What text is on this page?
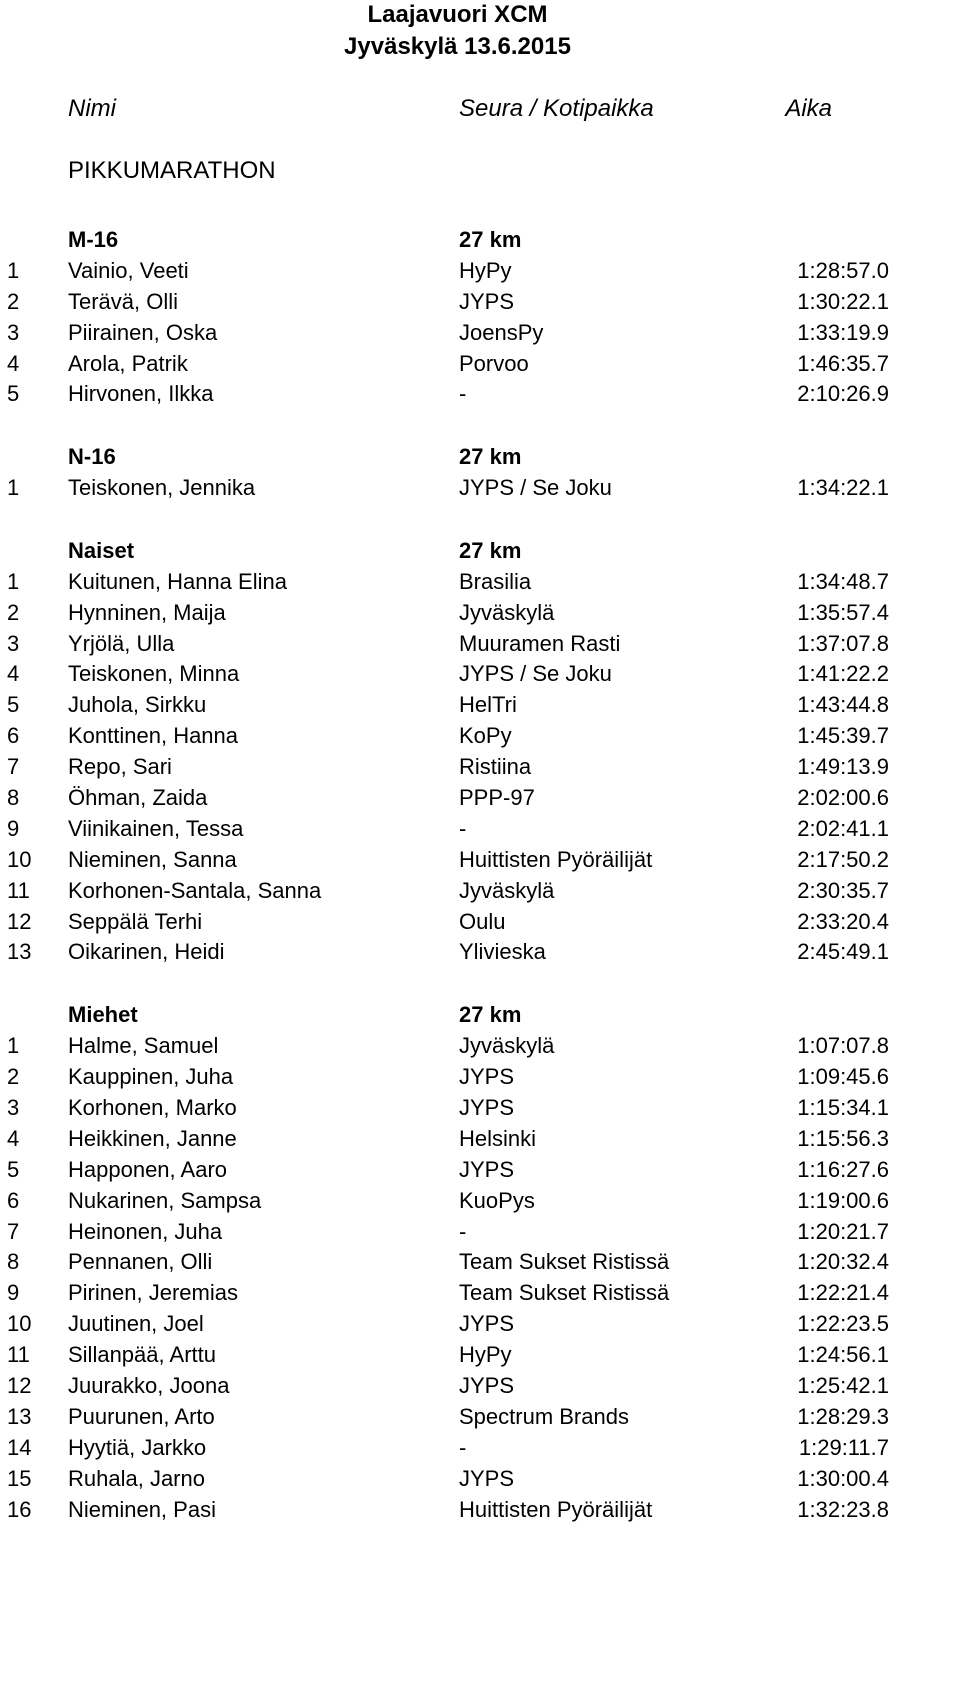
Laajavuori XCM
Jyväskylä 13.6.2015
Nimi	Seura / Kotipaikka	Aika
PIKKUMARATHON
M-16	27 km
1 Vainio, Veeti	HyPy	1:28:57.0
2 Terävä, Olli	JYPS	1:30:22.1
3 Piirainen, Oska	JoensPy	1:33:19.9
4 Arola, Patrik	Porvoo	1:46:35.7
5 Hirvonen, Ilkka	-	2:10:26.9
N-16	27 km
1 Teiskonen, Jennika	JYPS / Se Joku	1:34:22.1
Naiset	27 km
1 Kuitunen, Hanna Elina	Brasilia	1:34:48.7
2 Hynninen, Maija	Jyväskylä	1:35:57.4
3 Yrjölä, Ulla	Muuramen Rasti	1:37:07.8
4 Teiskonen, Minna	JYPS / Se Joku	1:41:22.2
5 Juhola, Sirkku	HelTri	1:43:44.8
6 Konttinen, Hanna	KoPy	1:45:39.7
7 Repo, Sari	Ristiina	1:49:13.9
8 Öhman, Zaida	PPP-97	2:02:00.6
9 Viinikainen, Tessa	-	2:02:41.1
10 Nieminen, Sanna	Huittisten Pyöräilijät	2:17:50.2
11 Korhonen-Santala, Sanna	Jyväskylä	2:30:35.7
12 Seppälä Terhi	Oulu	2:33:20.4
13 Oikarinen, Heidi	Ylivieska	2:45:49.1
Miehet	27 km
1 Halme, Samuel	Jyväskylä	1:07:07.8
2 Kauppinen, Juha	JYPS	1:09:45.6
3 Korhonen, Marko	JYPS	1:15:34.1
4 Heikkinen, Janne	Helsinki	1:15:56.3
5 Happonen, Aaro	JYPS	1:16:27.6
6 Nukarinen, Sampsa	KuoPys	1:19:00.6
7 Heinonen, Juha	-	1:20:21.7
8 Pennanen, Olli	Team Sukset Ristissä	1:20:32.4
9 Pirinen, Jeremias	Team Sukset Ristissä	1:22:21.4
10 Juutinen, Joel	JYPS	1:22:23.5
11 Sillanpää, Arttu	HyPy	1:24:56.1
12 Juurakko, Joona	JYPS	1:25:42.1
13 Puurunen, Arto	Spectrum Brands	1:28:29.3
14 Hyytiä, Jarkko	-	1:29:11.7
15 Ruhala, Jarno	JYPS	1:30:00.4
16 Nieminen, Pasi	Huittisten Pyöräilijät	1:32:23.8
